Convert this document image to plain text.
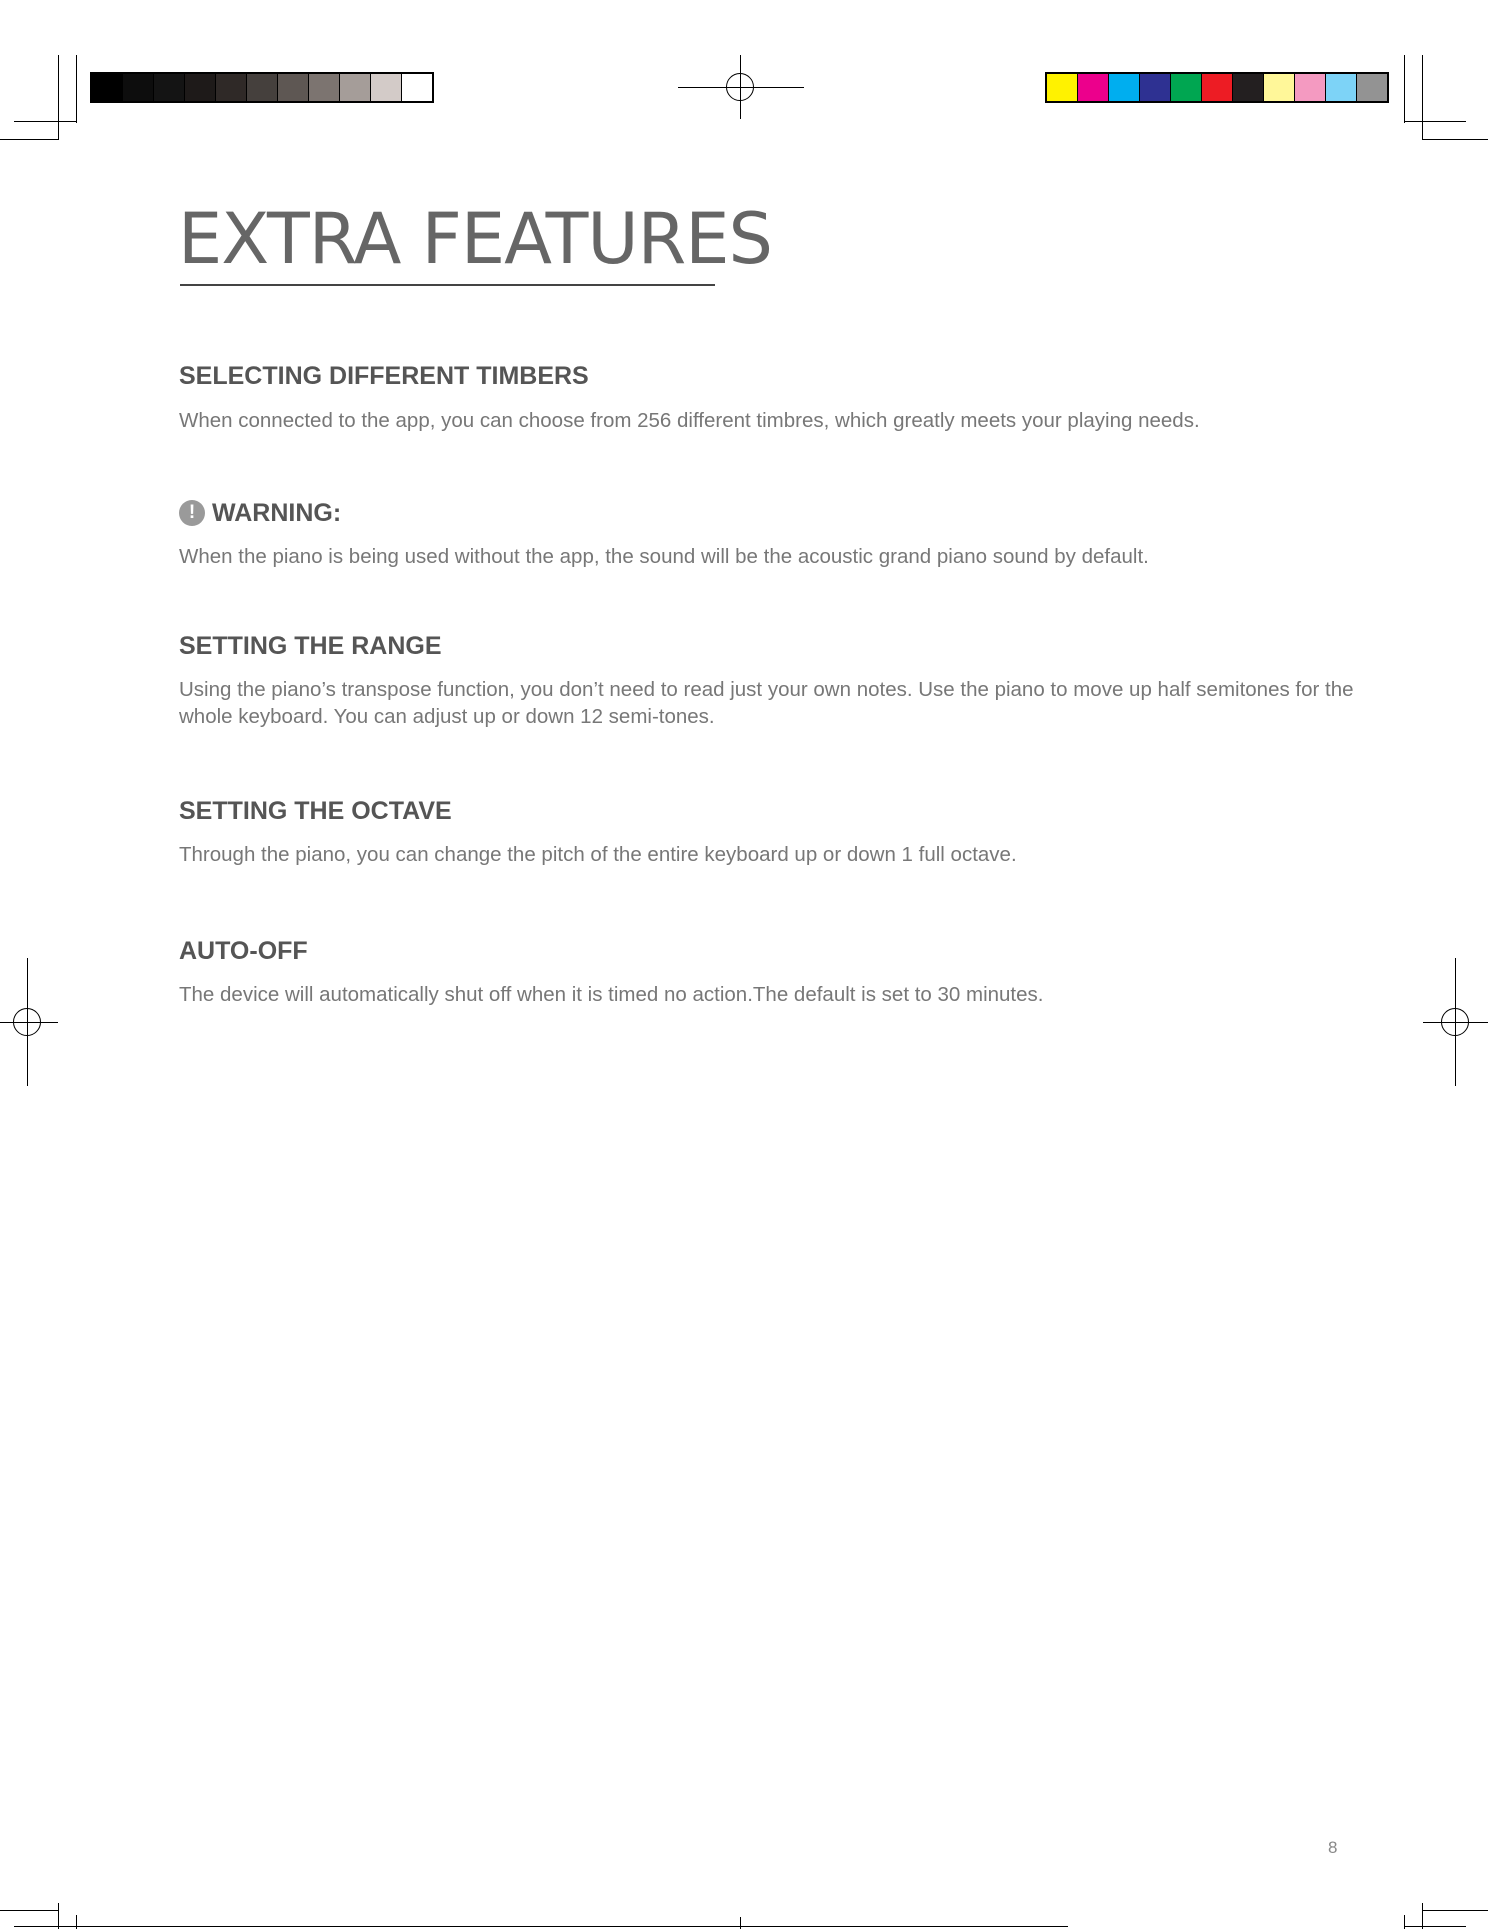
EXTRA FEATURES
SELECTING DIFFERENT TIMBERS

When connected to the app, you can choose from 256 different timbres, which greatly meets your playing needs.

! WARNING:

When the piano is being used without the app, the sound will be the acoustic grand piano sound by default.

SETTING THE RANGE

Using the piano’s transpose function, you don’t need to read just your own notes. Use the piano to move up half semitones for the whole keyboard. You can adjust up or down 12 semi-tones.

SETTING THE OCTAVE

Through the piano, you can change the pitch of the entire keyboard up or down 1 full octave.

AUTO-OFF

The device will automatically shut off when it is timed no action.The default is set to 30 minutes.

8
